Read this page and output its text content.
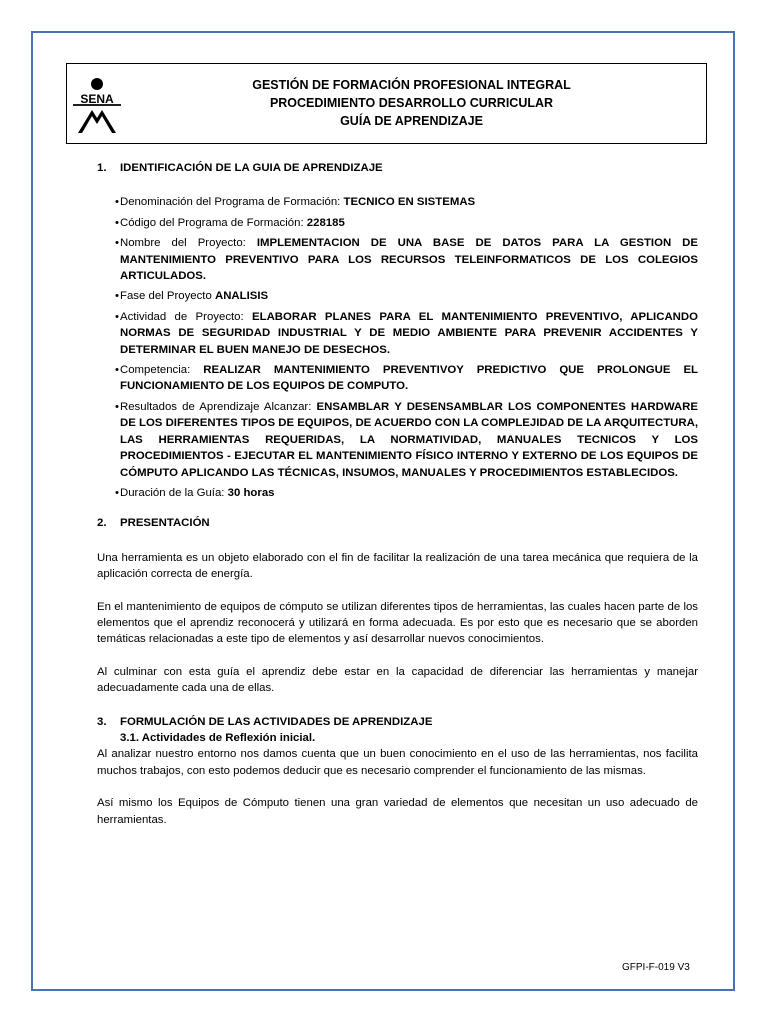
SENA
GESTIÓN DE FORMACIÓN PROFESIONAL INTEGRAL
PROCEDIMIENTO DESARROLLO CURRICULAR
GUÍA DE APRENDIZAJE
1. IDENTIFICACIÓN DE LA GUIA DE APRENDIZAJE
• Denominación del Programa de Formación: TECNICO EN SISTEMAS
• Código del Programa de Formación: 228185
• Nombre del Proyecto: IMPLEMENTACION DE UNA BASE DE DATOS PARA LA GESTION DE MANTENIMIENTO PREVENTIVO PARA LOS RECURSOS TELEINFORMATICOS DE LOS COLEGIOS ARTICULADOS.
• Fase del Proyecto ANALISIS
• Actividad de Proyecto: ELABORAR PLANES PARA EL MANTENIMIENTO PREVENTIVO, APLICANDO NORMAS DE SEGURIDAD INDUSTRIAL Y DE MEDIO AMBIENTE PARA PREVENIR ACCIDENTES Y DETERMINAR EL BUEN MANEJO DE DESECHOS.
• Competencia: REALIZAR MANTENIMIENTO PREVENTIVOY PREDICTIVO QUE PROLONGUE EL FUNCIONAMIENTO DE LOS EQUIPOS DE COMPUTO.
• Resultados de Aprendizaje Alcanzar: ENSAMBLAR Y DESENSAMBLAR LOS COMPONENTES HARDWARE DE LOS DIFERENTES TIPOS DE EQUIPOS, DE ACUERDO CON LA COMPLEJIDAD DE LA ARQUITECTURA, LAS HERRAMIENTAS REQUERIDAS, LA NORMATIVIDAD, MANUALES TECNICOS Y LOS PROCEDIMIENTOS - EJECUTAR EL MANTENIMIENTO FÍSICO INTERNO Y EXTERNO DE LOS EQUIPOS DE CÓMPUTO APLICANDO LAS TÉCNICAS, INSUMOS, MANUALES Y PROCEDIMIENTOS ESTABLECIDOS.
• Duración de la Guía: 30 horas
2. PRESENTACIÓN

Una herramienta es un objeto elaborado con el fin de facilitar la realización de una tarea mecánica que requiera de la aplicación correcta de energía.

En el mantenimiento de equipos de cómputo se utilizan diferentes tipos de herramientas, las cuales hacen parte de los elementos que el aprendiz reconocerá y utilizará en forma adecuada. Es por esto que es necesario que se aborden temáticas relacionadas a este tipo de elementos y así desarrollar nuevos conocimientos.

Al culminar con esta guía el aprendiz debe estar en la capacidad de diferenciar las herramientas y manejar adecuadamente cada una de ellas.

3. FORMULACIÓN DE LAS ACTIVIDADES DE APRENDIZAJE
3.1. Actividades de Reflexión inicial.

Al analizar nuestro entorno nos damos cuenta que un buen conocimiento en el uso de las herramientas, nos facilita muchos trabajos, con esto podemos deducir que es necesario comprender el funcionamiento de las mismas.

Así mismo los Equipos de Cómputo tienen una gran variedad de elementos que necesitan un uso adecuado de herramientas.

GFPI-F-019 V3
